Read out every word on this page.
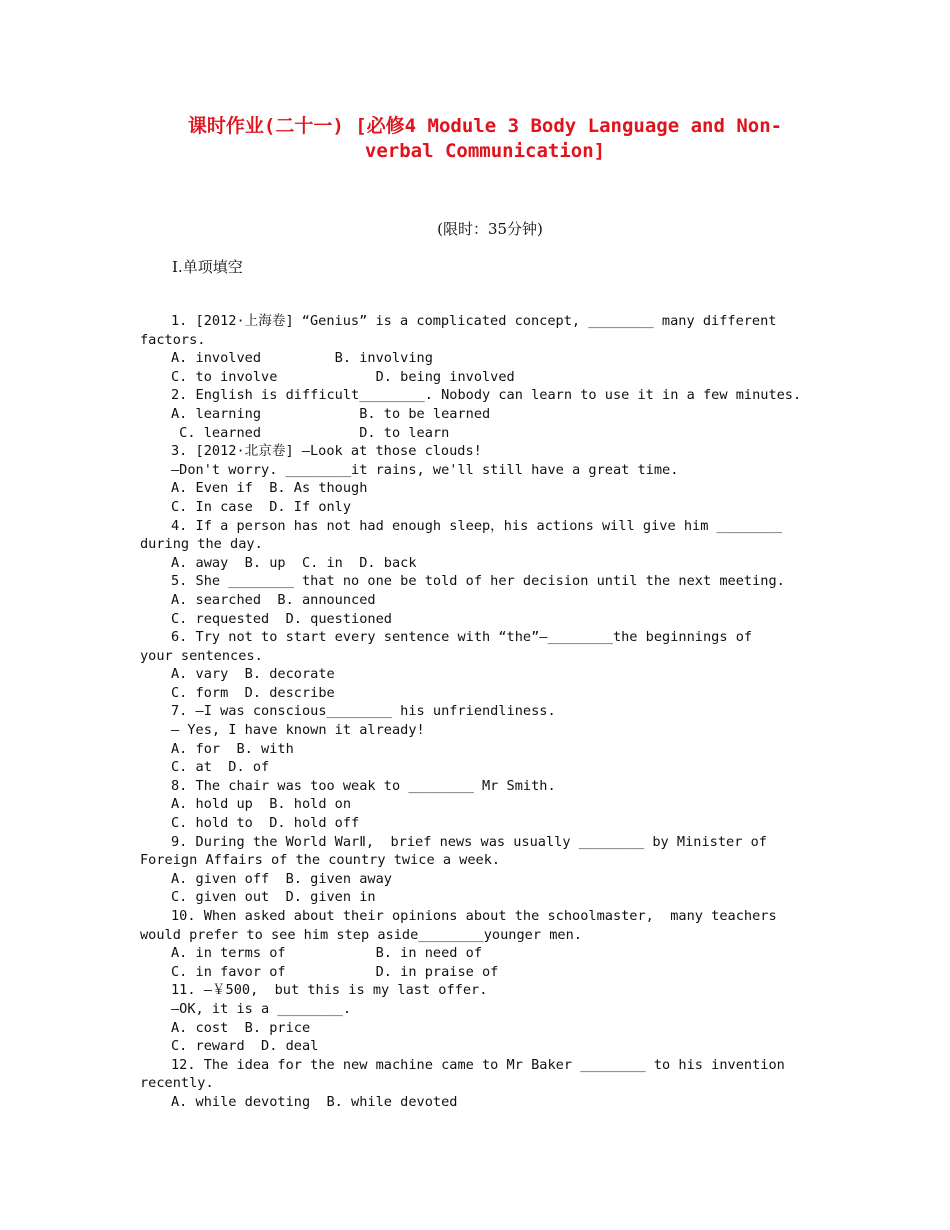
课时作业(二十一) [必修4 Module 3 Body Language and Non-
verbal Communication]
(限时：35分钟)
Ⅰ.单项填空
1. [2012·上海卷] “Genius” is a complicated concept, ________ many different
factors.
A. involved         B. involving
C. to involve            D. being involved
2. English is difficult________. Nobody can learn to use it in a few minutes.
A. learning            B. to be learned
C. learned            D. to learn
3. [2012·北京卷] —Look at those clouds!
—Don't worry. ________it rains, we'll still have a great time.
A. Even if  B. As though
C. In case  D. If only
4. If a person has not had enough sleep，his actions will give him ________
during the day.
A. away  B. up  C. in  D. back
5. She ________ that no one be told of her decision until the next meeting.
A. searched  B. announced
C. requested  D. questioned
6. Try not to start every sentence with “the”—________the beginnings of
your sentences.
A. vary  B. decorate
C. form  D. describe
7. —I was conscious________ his unfriendliness.
— Yes, I have known it already!
A. for  B. with
C. at  D. of
8. The chair was too weak to ________ Mr Smith.
A. hold up  B. hold on
C. hold to  D. hold off
9. During the World WarⅡ,  brief news was usually ________ by Minister of
Foreign Affairs of the country twice a week.
A. given off  B. given away
C. given out  D. given in
10. When asked about their opinions about the schoolmaster,  many teachers
would prefer to see him step aside________younger men.
A. in terms of           B. in need of
C. in favor of           D. in praise of
11. —￥500,  but this is my last offer.
—OK, it is a ________.
A. cost  B. price
C. reward  D. deal
12. The idea for the new machine came to Mr Baker ________ to his invention
recently.
A. while devoting  B. while devoted
